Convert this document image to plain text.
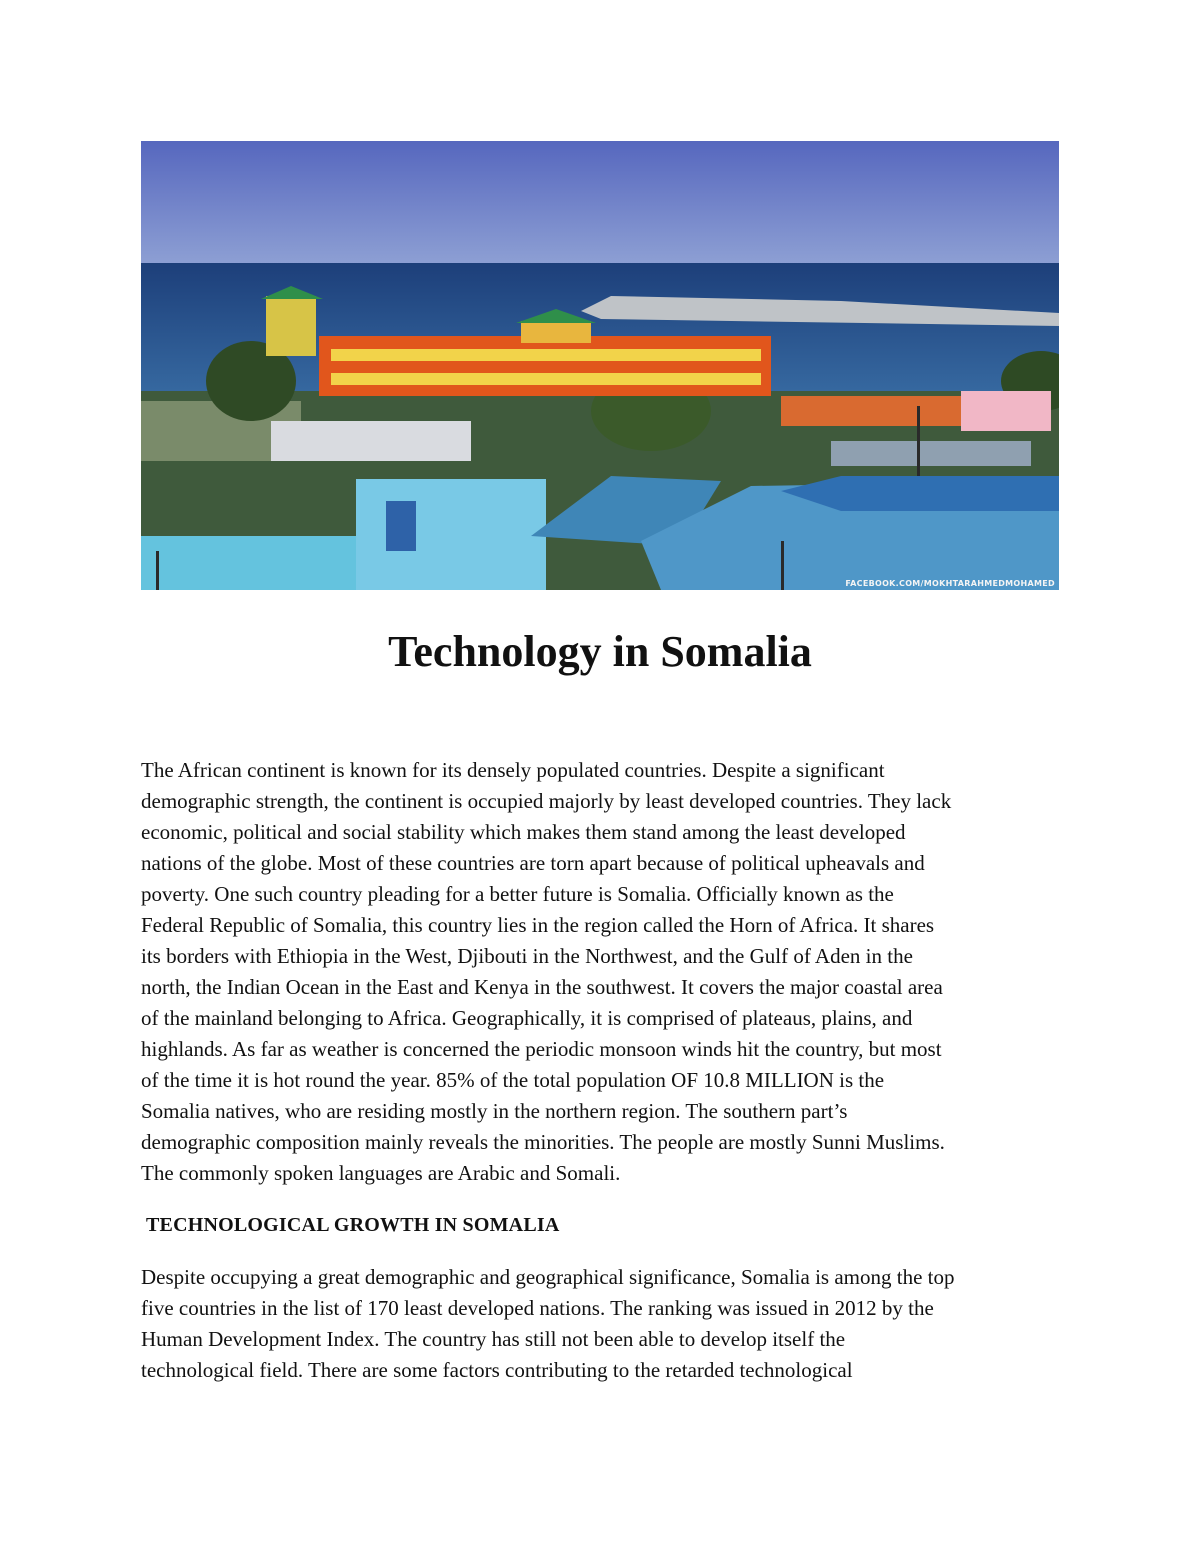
FACEBOOK.COM/MOKHTARAHMEDMOHAMED
Technology in Somalia

The African continent is known for its densely populated countries. Despite a significant
demographic strength, the continent is occupied majorly by least developed countries. They lack
economic, political and social stability which makes them stand among the least developed
nations of the globe. Most of these countries are torn apart because of political upheavals and
poverty. One such country pleading for a better future is Somalia. Officially known as the
Federal Republic of Somalia, this country lies in the region called the Horn of Africa. It shares
its borders with Ethiopia in the West, Djibouti in the Northwest, and the Gulf of Aden in the
north, the Indian Ocean in the East and Kenya in the southwest. It covers the major coastal area
of the mainland belonging to Africa. Geographically, it is comprised of plateaus, plains, and
highlands. As far as weather is concerned the periodic monsoon winds hit the country, but most
of the time it is hot round the year. 85% of the total population OF 10.8 MILLION is the
Somalia natives, who are residing mostly in the northern region. The southern part’s
demographic composition mainly reveals the minorities. The people are mostly Sunni Muslims.
The commonly spoken languages are Arabic and Somali.

TECHNOLOGICAL GROWTH IN SOMALIA

Despite occupying a great demographic and geographical significance, Somalia is among the top
five countries in the list of 170 least developed nations. The ranking was issued in 2012 by the
Human Development Index. The country has still not been able to develop itself the
technological field. There are some factors contributing to the retarded technological
